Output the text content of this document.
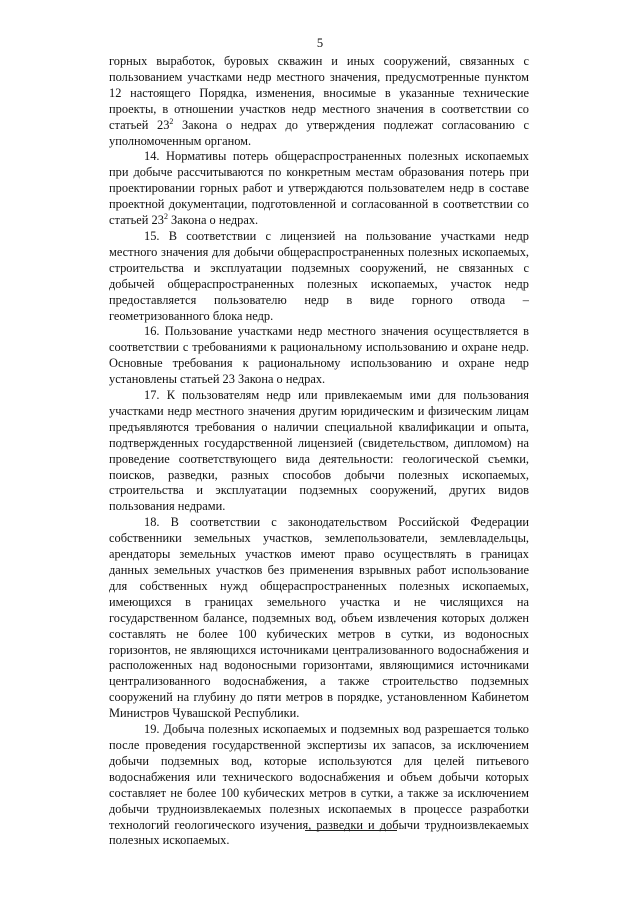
5

горных выработок, буровых скважин и иных сооружений, связанных с пользованием участками недр местного значения, предусмотренные пунктом 12 настоящего Порядка, изменения, вносимые в указанные технические проекты, в отношении участков недр местного значения в соответствии со статьей $23^2$ Закона о недрах до утверждения подлежат согласованию с уполномоченным органом.

14. Нормативы потерь общераспространенных полезных ископаемых при добыче рассчитываются по конкретным местам образования потерь при проектировании горных работ и утверждаются пользователем недр в составе проектной документации, подготовленной и согласованной в соответствии со статьей $23^2$ Закона о недрах.

15. В соответствии с лицензией на пользование участками недр местного значения для добычи общераспространенных полезных ископаемых, строительства и эксплуатации подземных сооружений, не связанных с добычей общераспространенных полезных ископаемых, участок недр предоставляется пользователю недр в виде горного отвода – геометризованного блока недр.

16. Пользование участками недр местного значения осуществляется в соответствии с требованиями к рациональному использованию и охране недр. Основные требования к рациональному использованию и охране недр установлены статьей 23 Закона о недрах.

17. К пользователям недр или привлекаемым ими для пользования участками недр местного значения другим юридическим и физическим лицам предъявляются требования о наличии специальной квалификации и опыта, подтвержденных государственной лицензией (свидетельством, дипломом) на проведение соответствующего вида деятельности: геологической съемки, поисков, разведки, разных способов добычи полезных ископаемых, строительства и эксплуатации подземных сооружений, других видов пользования недрами.

18. В соответствии с законодательством Российской Федерации собственники земельных участков, землепользователи, землевладельцы, арендаторы земельных участков имеют право осуществлять в границах данных земельных участков без применения взрывных работ использование для собственных нужд общераспространенных полезных ископаемых, имеющихся в границах земельного участка и не числящихся на государственном балансе, подземных вод, объем извлечения которых должен составлять не более 100 кубических метров в сутки, из водоносных горизонтов, не являющихся источниками централизованного водоснабжения и расположенных над водоносными горизонтами, являющимися источниками централизованного водоснабжения, а также строительство подземных сооружений на глубину до пяти метров в порядке, установленном Кабинетом Министров Чувашской Республики.

19. Добыча полезных ископаемых и подземных вод разрешается только после проведения государственной экспертизы их запасов, за исключением добычи подземных вод, которые используются для целей питьевого водоснабжения или технического водоснабжения и объем добычи которых составляет не более 100 кубических метров в сутки, а также за исключением добычи трудноизвлекаемых полезных ископаемых в процессе разработки технологий геологического изучения, разведки и добычи трудноизвлекаемых полезных ископаемых.
